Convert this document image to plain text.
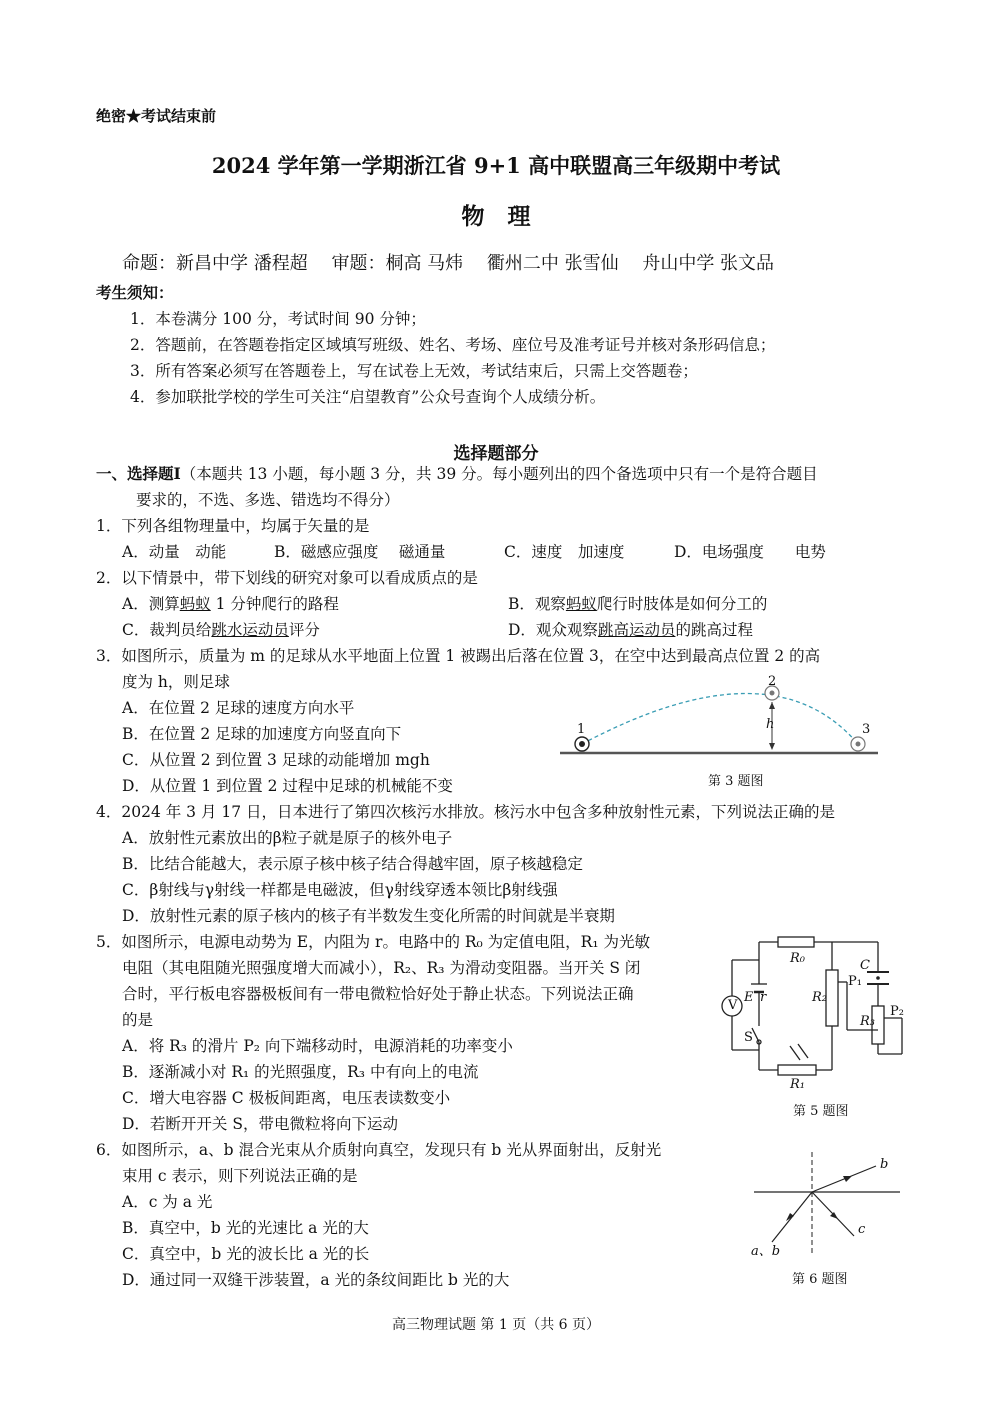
绝密★考试结束前
2024 学年第一学期浙江省 9+1 高中联盟高三年级期中考试
物　理
命题：新昌中学 潘程超　 审题：桐高 马炜　 衢州二中 张雪仙　 舟山中学 张文品
考生须知：
1．本卷满分 100 分，考试时间 90 分钟；
2．答题前，在答题卷指定区域填写班级、姓名、考场、座位号及准考证号并核对条形码信息；
3．所有答案必须写在答题卷上，写在试卷上无效，考试结束后，只需上交答题卷；
4．参加联批学校的学生可关注“启望教育”公众号查询个人成绩分析。
选择题部分
一、选择题Ⅰ（本题共 13 小题，每小题 3 分，共 39 分。每小题列出的四个备选项中只有一个是符合题目
要求的，不选、多选、错选均不得分）
1．下列各组物理量中，均属于矢量的是
A．动量　动能	B．磁感应强度　 磁通量	C．速度　加速度	D．电场强度　　电势
2．以下情景中，带下划线的研究对象可以看成质点的是
A．测算蚂蚁 1 分钟爬行的路程	B．观察蚂蚁爬行时肢体是如何分工的
C．裁判员给跳水运动员评分	D．观众观察跳高运动员的跳高过程
3．如图所示，质量为 m 的足球从水平地面上位置 1 被踢出后落在位置 3，在空中达到最高点位置 2 的高
度为 h，则足球
A．在位置 2 足球的速度方向水平
B．在位置 2 足球的加速度方向竖直向下
C．从位置 2 到位置 3 足球的动能增加 mgh
D．从位置 1 到位置 2 过程中足球的机械能不变
1
2
3
h
第 3 题图
4．2024 年 3 月 17 日，日本进行了第四次核污水排放。核污水中包含多种放射性元素，下列说法正确的是
A．放射性元素放出的β粒子就是原子的核外电子
B．比结合能越大，表示原子核中核子结合得越牢固，原子核越稳定
C．β射线与γ射线一样都是电磁波，但γ射线穿透本领比β射线强
D．放射性元素的原子核内的核子有半数发生变化所需的时间就是半衰期
5．如图所示，电源电动势为 E，内阻为 r。电路中的 R₀ 为定值电阻，R₁ 为光敏
电阻（其电阻随光照强度增大而减小），R₂、R₃ 为滑动变阻器。当开关 S 闭
合时，平行板电容器极板间有一带电微粒恰好处于静止状态。下列说法正确
的是
A．将 R₃ 的滑片 P₂ 向下端移动时，电源消耗的功率变小
B．逐渐减小对 R₁ 的光照强度，R₃ 中有向上的电流
C．增大电容器 C 极板间距离，电压表读数变小
D．若断开开关 S，带电微粒将向下运动
R₀	C
P₁
R₂
R₃
P₂
E r
V
S
R₁
第 5 题图
6．如图所示，a、b 混合光束从介质射向真空，发现只有 b 光从界面射出，反射光
束用 c 表示，则下列说法正确的是
A．c 为 a 光
B．真空中，b 光的光速比 a 光的大
C．真空中，b 光的波长比 a 光的长
D．通过同一双缝干涉装置，a 光的条纹间距比 b 光的大
b
c
a、b
第 6 题图
高三物理试题 第 1 页（共 6 页）
